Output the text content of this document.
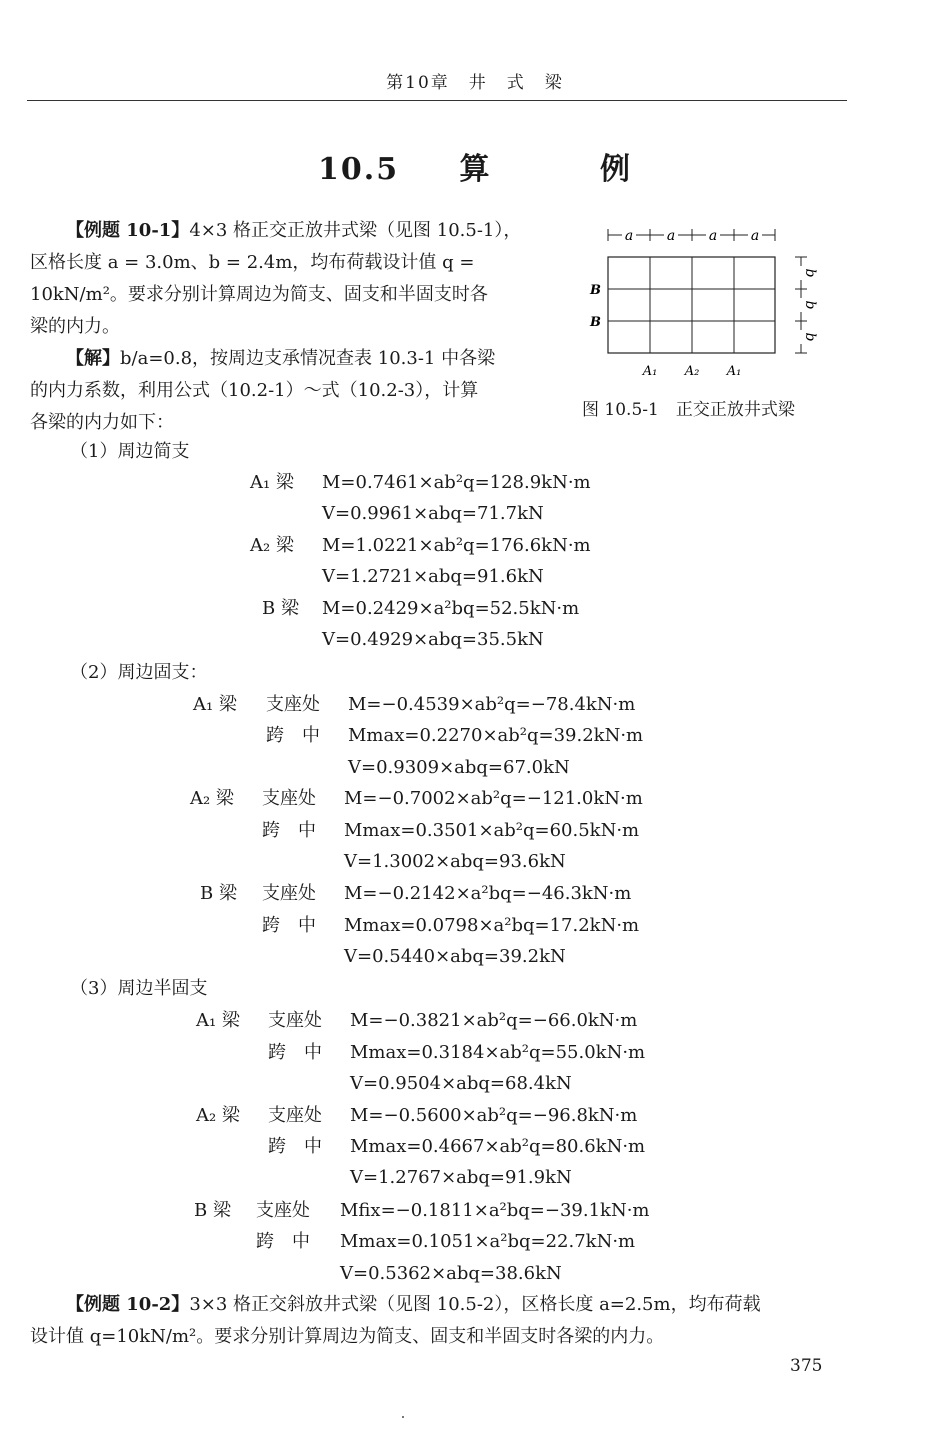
第10章　井　式　梁
10.5 算	例
【例题 10-1】4×3 格正交正放井式梁（见图 10.5-1），
区格长度 a = 3.0m、b = 2.4m，均布荷载设计值 q =
10kN/m²。要求分别计算周边为简支、固支和半固支时各
梁的内力。
【解】b/a=0.8，按周边支承情况查表 10.3-1 中各梁
的内力系数，利用公式（10.2-1）～式（10.2-3），计算
各梁的内力如下：
a a a a
b
b
b
B
B
A₁ A₂ A₁
图 10.5-1　正交正放井式梁
（1）周边简支
A₁ 梁 M=0.7461×ab²q=128.9kN·m
V=0.9961×abq=71.7kN
A₂ 梁 M=1.0221×ab²q=176.6kN·m
V=1.2721×abq=91.6kN
B 梁 M=0.2429×a²bq=52.5kN·m
V=0.4929×abq=35.5kN
（2）周边固支：
A₁ 梁 支座处 M=−0.4539×ab²q=−78.4kN·m
跨　中 Mmax=0.2270×ab²q=39.2kN·m
V=0.9309×abq=67.0kN
A₂ 梁 支座处 M=−0.7002×ab²q=−121.0kN·m
跨　中 Mmax=0.3501×ab²q=60.5kN·m
V=1.3002×abq=93.6kN
B 梁 支座处 M=−0.2142×a²bq=−46.3kN·m
跨　中 Mmax=0.0798×a²bq=17.2kN·m
V=0.5440×abq=39.2kN
（3）周边半固支
A₁ 梁 支座处 M=−0.3821×ab²q=−66.0kN·m
跨　中 Mmax=0.3184×ab²q=55.0kN·m
V=0.9504×abq=68.4kN
A₂ 梁 支座处 M=−0.5600×ab²q=−96.8kN·m
跨　中 Mmax=0.4667×ab²q=80.6kN·m
V=1.2767×abq=91.9kN
B 梁 支座处 Mfix=−0.1811×a²bq=−39.1kN·m
跨　中 Mmax=0.1051×a²bq=22.7kN·m
V=0.5362×abq=38.6kN
【例题 10-2】3×3 格正交斜放井式梁（见图 10.5-2），区格长度 a=2.5m，均布荷载
设计值 q=10kN/m²。要求分别计算周边为简支、固支和半固支时各梁的内力。
375
